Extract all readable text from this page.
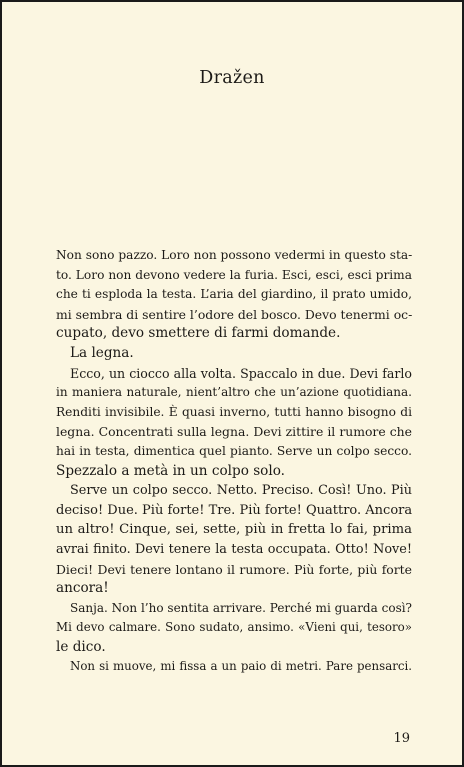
Dražen
Non sono pazzo. Loro non possono vedermi in questo sta-
to. Loro non devono vedere la furia. Esci, esci, esci prima
che ti esploda la testa. L’aria del giardino, il prato umido,
mi sembra di sentire l’odore del bosco. Devo tenermi oc-
cupato, devo smettere di farmi domande.
La legna.
Ecco, un ciocco alla volta. Spaccalo in due. Devi farlo
in maniera naturale, nient’altro che un’azione quotidiana.
Renditi invisibile. È quasi inverno, tutti hanno bisogno di
legna. Concentrati sulla legna. Devi zittire il rumore che
hai in testa, dimentica quel pianto. Serve un colpo secco.
Spezzalo a metà in un colpo solo.
Serve un colpo secco. Netto. Preciso. Così! Uno. Più
deciso! Due. Più forte! Tre. Più forte! Quattro. Ancora
un altro! Cinque, sei, sette, più in fretta lo fai, prima
avrai finito. Devi tenere la testa occupata. Otto! Nove!
Dieci! Devi tenere lontano il rumore. Più forte, più forte
ancora!
Sanja. Non l’ho sentita arrivare. Perché mi guarda così?
Mi devo calmare. Sono sudato, ansimo. «Vieni qui, tesoro»
le dico.
Non si muove, mi fissa a un paio di metri. Pare pensarci.

19
